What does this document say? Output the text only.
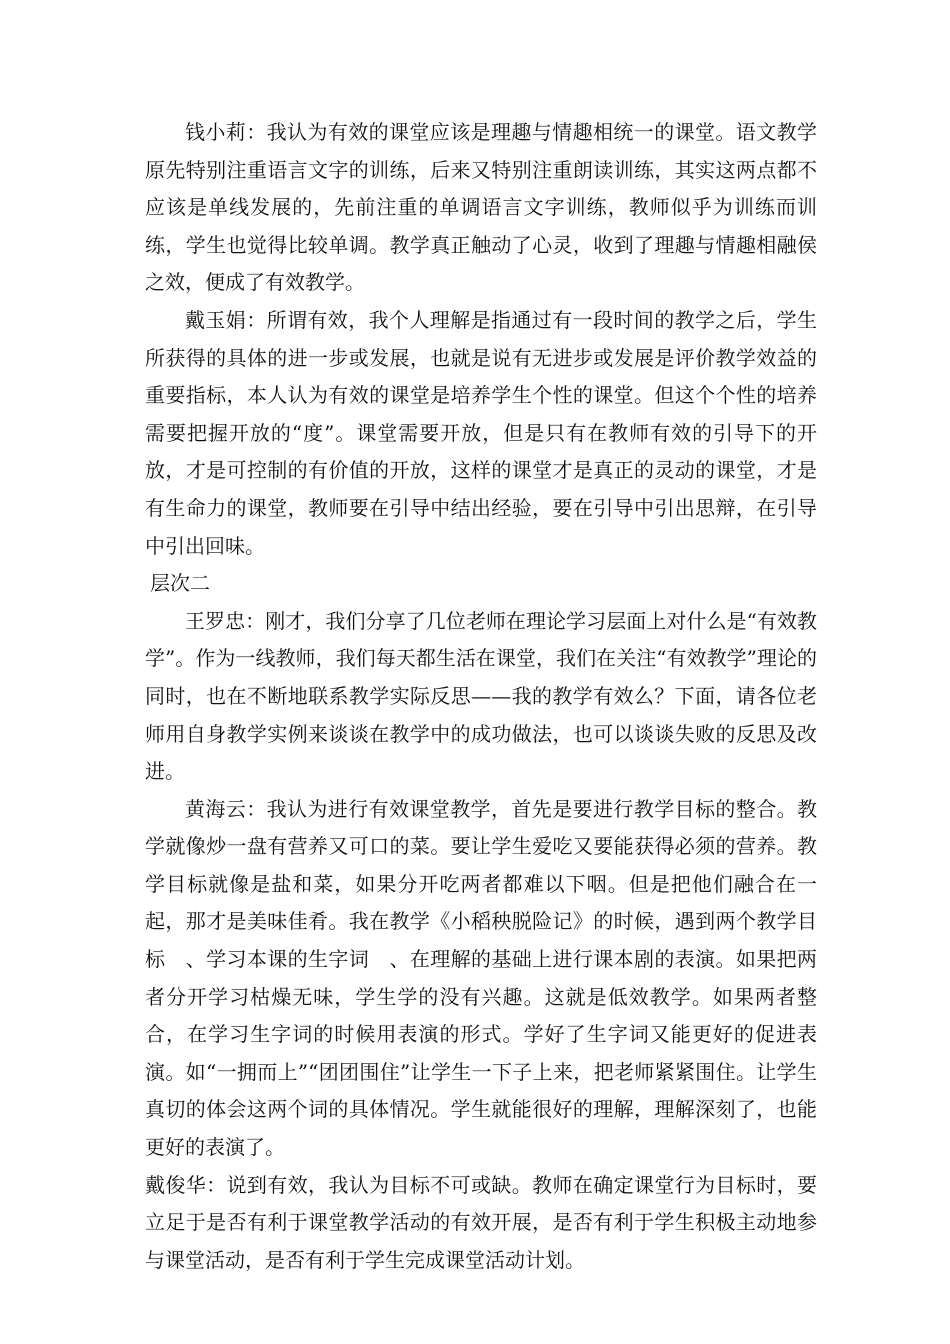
钱小莉：我认为有效的课堂应该是理趣与情趣相统一的课堂。语文教学原先特别注重语言文字的训练，后来又特别注重朗读训练，其实这两点都不应该是单线发展的，先前注重的单调语言文字训练，教师似乎为训练而训练，学生也觉得比较单调。教学真正触动了心灵，收到了理趣与情趣相融侯之效，便成了有效教学。

戴玉娟：所谓有效，我个人理解是指通过有一段时间的教学之后，学生所获得的具体的进一步或发展，也就是说有无进步或发展是评价教学效益的重要指标，本人认为有效的课堂是培养学生个性的课堂。但这个个性的培养需要把握开放的“度”。课堂需要开放，但是只有在教师有效的引导下的开放，才是可控制的有价值的开放，这样的课堂才是真正的灵动的课堂，才是有生命力的课堂，教师要在引导中结出经验，要在引导中引出思辩，在引导中引出回味。

层次二

王罗忠：刚才，我们分享了几位老师在理论学习层面上对什么是“有效教学”。作为一线教师，我们每天都生活在课堂，我们在关注“有效教学”理论的同时，也在不断地联系教学实际反思——我的教学有效么？下面，请各位老师用自身教学实例来谈谈在教学中的成功做法，也可以谈谈失败的反思及改进。

黄海云：我认为进行有效课堂教学，首先是要进行教学目标的整合。教学就像炒一盘有营养又可口的菜。要让学生爱吃又要能获得必须的营养。教学目标就像是盐和菜，如果分开吃两者都难以下咽。但是把他们融合在一起，那才是美味佳肴。我在教学《小稻秧脱险记》的时候，遇到两个教学目标　、学习本课的生字词　、在理解的基础上进行课本剧的表演。如果把两者分开学习枯燥无味，学生学的没有兴趣。这就是低效教学。如果两者整合，在学习生字词的时候用表演的形式。学好了生字词又能更好的促进表演。如“一拥而上”“团团围住”让学生一下子上来，把老师紧紧围住。让学生真切的体会这两个词的具体情况。学生就能很好的理解，理解深刻了，也能更好的表演了。

戴俊华：说到有效，我认为目标不可或缺。教师在确定课堂行为目标时，要立足于是否有利于课堂教学活动的有效开展，是否有利于学生积极主动地参与课堂活动，是否有利于学生完成课堂活动计划。
